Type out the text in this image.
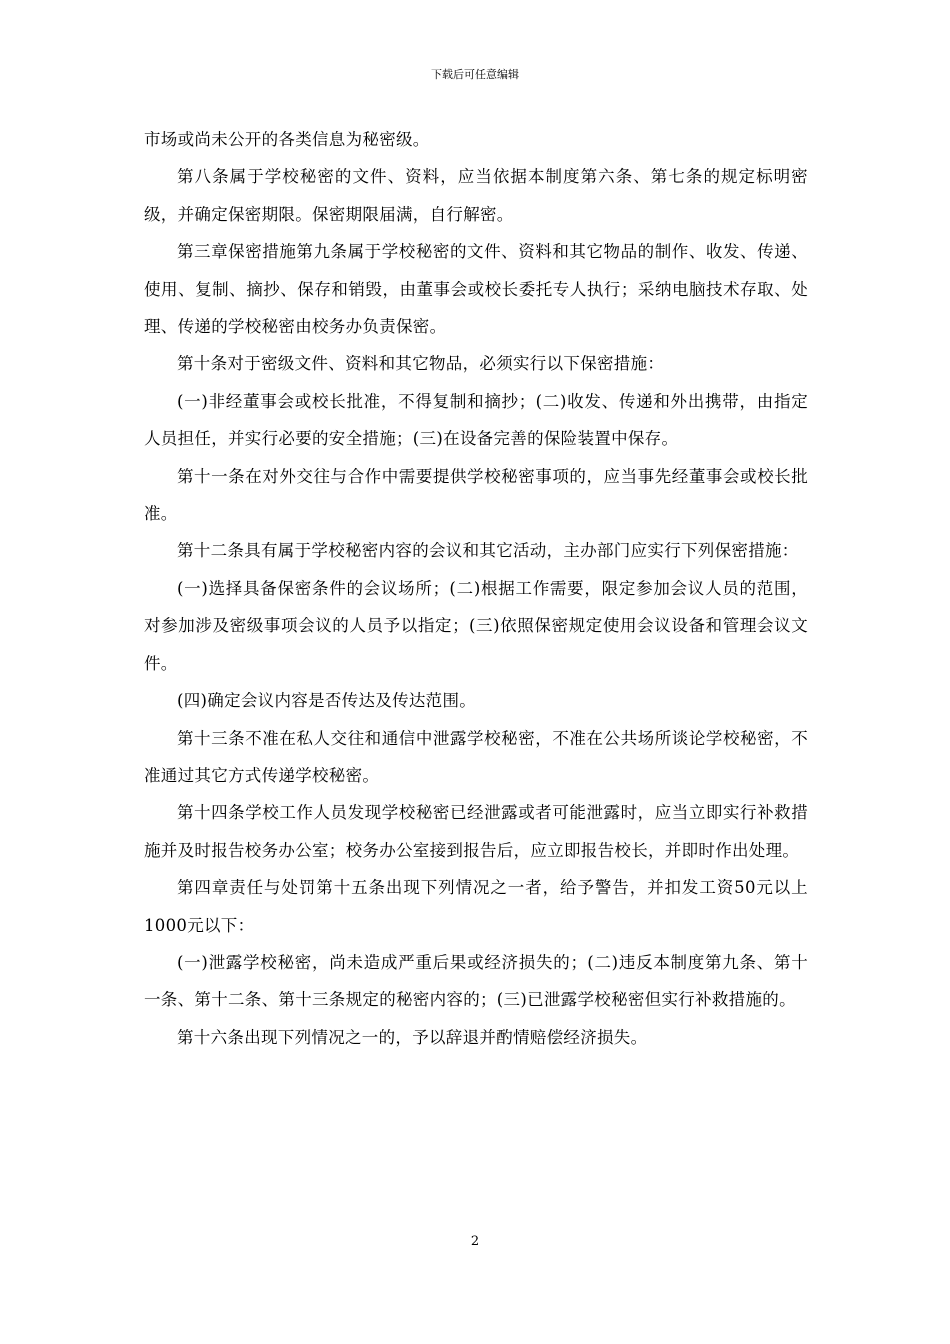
下载后可任意编辑

市场或尚未公开的各类信息为秘密级。

第八条属于学校秘密的文件、资料，应当依据本制度第六条、第七条的规定标明密级，并确定保密期限。保密期限届满，自行解密。

第三章保密措施第九条属于学校秘密的文件、资料和其它物品的制作、收发、传递、使用、复制、摘抄、保存和销毁，由董事会或校长委托专人执行；采纳电脑技术存取、处理、传递的学校秘密由校务办负责保密。

第十条对于密级文件、资料和其它物品，必须实行以下保密措施：

(一)非经董事会或校长批准，不得复制和摘抄；(二)收发、传递和外出携带，由指定人员担任，并实行必要的安全措施；(三)在设备完善的保险装置中保存。

第十一条在对外交往与合作中需要提供学校秘密事项的，应当事先经董事会或校长批准。

第十二条具有属于学校秘密内容的会议和其它活动，主办部门应实行下列保密措施：

(一)选择具备保密条件的会议场所；(二)根据工作需要，限定参加会议人员的范围，对参加涉及密级事项会议的人员予以指定；(三)依照保密规定使用会议设备和管理会议文件。

(四)确定会议内容是否传达及传达范围。

第十三条不准在私人交往和通信中泄露学校秘密，不准在公共场所谈论学校秘密，不准通过其它方式传递学校秘密。

第十四条学校工作人员发现学校秘密已经泄露或者可能泄露时，应当立即实行补救措施并及时报告校务办公室；校务办公室接到报告后，应立即报告校长，并即时作出处理。

第四章责任与处罚第十五条出现下列情况之一者，给予警告，并扣发工资50元以上1000元以下：

(一)泄露学校秘密，尚未造成严重后果或经济损失的；(二)违反本制度第九条、第十一条、第十二条、第十三条规定的秘密内容的；(三)已泄露学校秘密但实行补救措施的。

第十六条出现下列情况之一的，予以辞退并酌情赔偿经济损失。

2
